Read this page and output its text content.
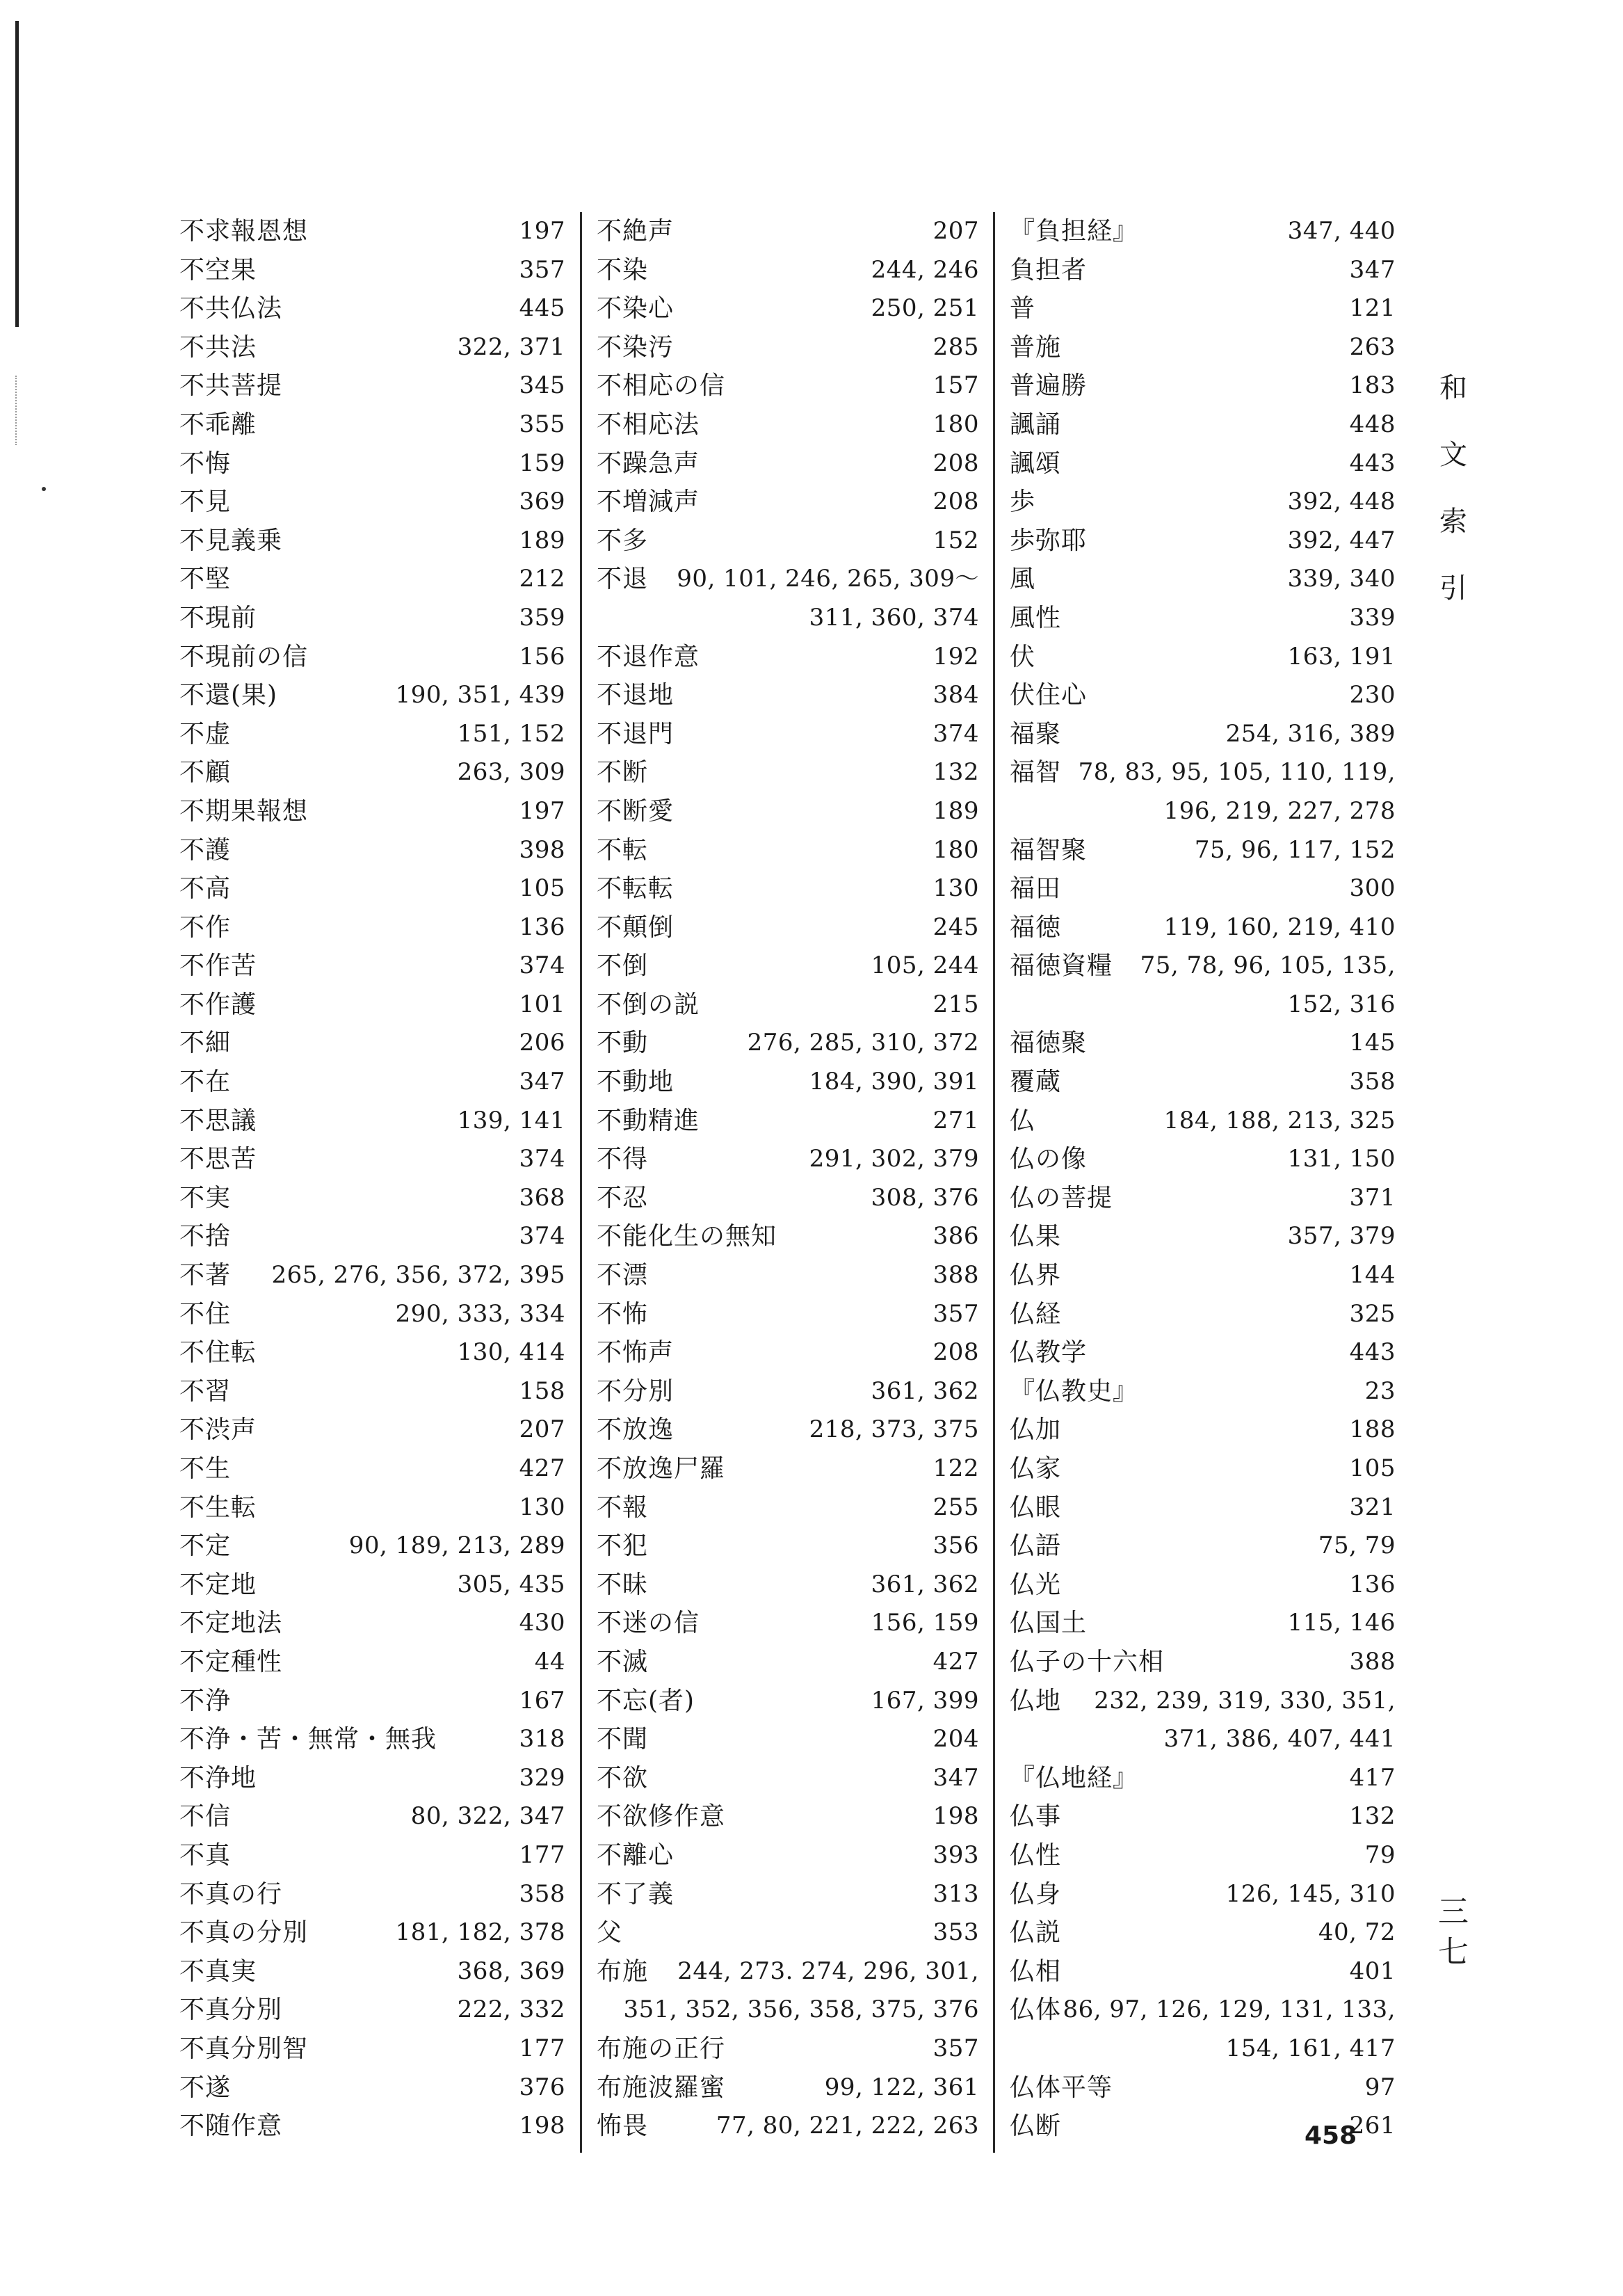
不求報恩想	197
不空果	357
不共仏法	445
不共法	322, 371
不共菩提	345
不乖離	355
不悔	159
不見	369
不見義乗	189
不堅	212
不現前	359
不現前の信	156
不還(果)	190, 351, 439
不虚	151, 152
不顧	263, 309
不期果報想	197
不護	398
不高	105
不作	136
不作苦	374
不作護	101
不細	206
不在	347
不思議	139, 141
不思苦	374
不実	368
不捨	374
不著	265, 276, 356, 372, 395
不住	290, 333, 334
不住転	130, 414
不習	158
不渋声	207
不生	427
不生転	130
不定	90, 189, 213, 289
不定地	305, 435
不定地法	430
不定種性	44
不浄	167
不浄・苦・無常・無我	318
不浄地	329
不信	80, 322, 347
不真	177
不真の行	358
不真の分別	181, 182, 378
不真実	368, 369
不真分別	222, 332
不真分別智	177
不遂	376
不随作意	198
不絶声	207
不染	244, 246
不染心	250, 251
不染汚	285
不相応の信	157
不相応法	180
不躁急声	208
不増減声	208
不多	152
不退	90, 101, 246, 265, 309～
311, 360, 374
不退作意	192
不退地	384
不退門	374
不断	132
不断愛	189
不転	180
不転転	130
不顛倒	245
不倒	105, 244
不倒の説	215
不動	276, 285, 310, 372
不動地	184, 390, 391
不動精進	271
不得	291, 302, 379
不忍	308, 376
不能化生の無知	386
不漂	388
不怖	357
不怖声	208
不分別	361, 362
不放逸	218, 373, 375
不放逸尸羅	122
不報	255
不犯	356
不昧	361, 362
不迷の信	156, 159
不滅	427
不忘(者)	167, 399
不聞	204
不欲	347
不欲修作意	198
不離心	393
不了義	313
父	353
布施	244, 273. 274, 296, 301,
351, 352, 356, 358, 375, 376
布施の正行	357
布施波羅蜜	99, 122, 361
怖畏	77, 80, 221, 222, 263
『負担経』	347, 440
負担者	347
普	121
普施	263
普遍勝	183
諷誦	448
諷頌	443
歩	392, 448
歩弥耶	392, 447
風	339, 340
風性	339
伏	163, 191
伏住心	230
福聚	254, 316, 389
福智 78, 83, 95, 105, 110, 119,
196, 219, 227, 278
福智聚	75, 96, 117, 152
福田	300
福徳	119, 160, 219, 410
福徳資糧	75, 78, 96, 105, 135,
152, 316
福徳聚	145
覆蔵	358
仏	184, 188, 213, 325
仏の像	131, 150
仏の菩提	371
仏果	357, 379
仏界	144
仏経	325
仏教学	443
『仏教史』	23
仏加	188
仏家	105
仏眼	321
仏語	75, 79
仏光	136
仏国土	115, 146
仏子の十六相	388
仏地	232, 239, 319, 330, 351,
371, 386, 407, 441
『仏地経』	417
仏事	132
仏性	79
仏身	126, 145, 310
仏説	40, 72
仏相	401
仏体 86, 97, 126, 129, 131, 133,
154, 161, 417
仏体平等	97
仏断	261
和
文
索
引
三
七
458
